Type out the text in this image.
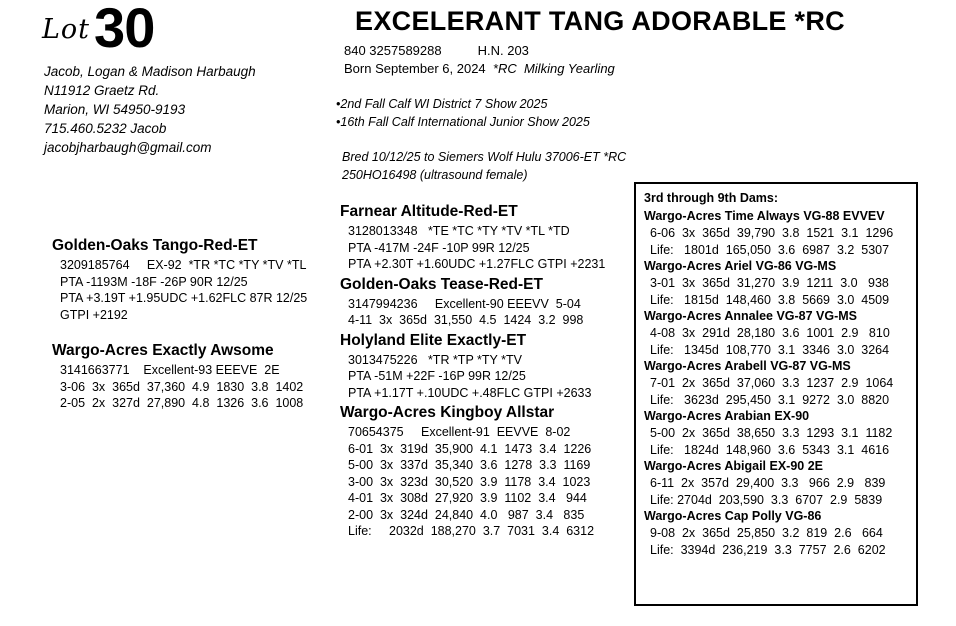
Lot30
Jacob, Logan & Madison Harbaugh
N11912 Graetz Rd.
Marion, WI 54950-9193
715.460.5232 Jacob
jacobjharbaugh@gmail.com
EXCELERANT TANG ADORABLE *RC
840 3257589288	H.N. 203
Born September 6, 2024 *RC Milking Yearling
•2nd Fall Calf WI District 7 Show 2025
•16th Fall Calf International Junior Show 2025
Bred 10/12/25 to Siemers Wolf Hulu 37006-ET *RC
250HO16498 (ultrasound female)
Golden-Oaks Tango-Red-ET
3209185764     EX-92  *TR *TC *TY *TV *TL
PTA -1193M -18F -26P 90R 12/25
PTA +3.19T +1.95UDC +1.62FLC 87R 12/25
GTPI +2192
Wargo-Acres Exactly Awsome
3141663771    Excellent-93 EEEVE  2E
3-06  3x  365d  37,360  4.9  1830  3.8  1402
2-05  2x  327d  27,890  4.8  1326  3.6  1008
Farnear Altitude-Red-ET
3128013348   *TE *TC *TY *TV *TL *TD
PTA -417M -24F -10P 99R 12/25
PTA +2.30T +1.60UDC +1.27FLC GTPI +2231
Golden-Oaks Tease-Red-ET
3147994236     Excellent-90 EEEVV  5-04
4-11  3x  365d  31,550  4.5  1424  3.2  998
Holyland Elite Exactly-ET
3013475226   *TR *TP *TY *TV
PTA -51M +22F -16P 99R 12/25
PTA +1.17T +.10UDC +.48FLC GTPI +2633
Wargo-Acres Kingboy Allstar
70654375     Excellent-91  EEVVE  8-02
6-01  3x  319d  35,900  4.1  1473  3.4  1226
5-00  3x  337d  35,340  3.6  1278  3.3  1169
3-00  3x  323d  30,520  3.9  1178  3.4  1023
4-01  3x  308d  27,920  3.9  1102  3.4   944
2-00  3x  324d  24,840  4.0   987  3.4   835
Life:     2032d  188,270  3.7  7031  3.4  6312
3rd through 9th Dams:
Wargo-Acres Time Always VG-88 EVVEV
6-06  3x  365d  39,790  3.8  1521  3.1  1296
Life:   1801d  165,050  3.6  6987  3.2  5307
Wargo-Acres Ariel VG-86 VG-MS
3-01  3x  365d  31,270  3.9  1211  3.0   938
Life:   1815d  148,460  3.8  5669  3.0  4509
Wargo-Acres Annalee VG-87 VG-MS
4-08  3x  291d  28,180  3.6  1001  2.9   810
Life:   1345d  108,770  3.1  3346  3.0  3264
Wargo-Acres Arabell VG-87 VG-MS
7-01  2x  365d  37,060  3.3  1237  2.9  1064
Life:   3623d  295,450  3.1  9272  3.0  8820
Wargo-Acres Arabian EX-90
5-00  2x  365d  38,650  3.3  1293  3.1  1182
Life:   1824d  148,960  3.6  5343  3.1  4616
Wargo-Acres Abigail EX-90 2E
6-11  2x  357d  29,400  3.3   966  2.9   839
Life: 2704d  203,590  3.3  6707  2.9  5839
Wargo-Acres Cap Polly VG-86
9-08  2x  365d  25,850  3.2  819  2.6   664
Life:  3394d  236,219  3.3  7757  2.6  6202
